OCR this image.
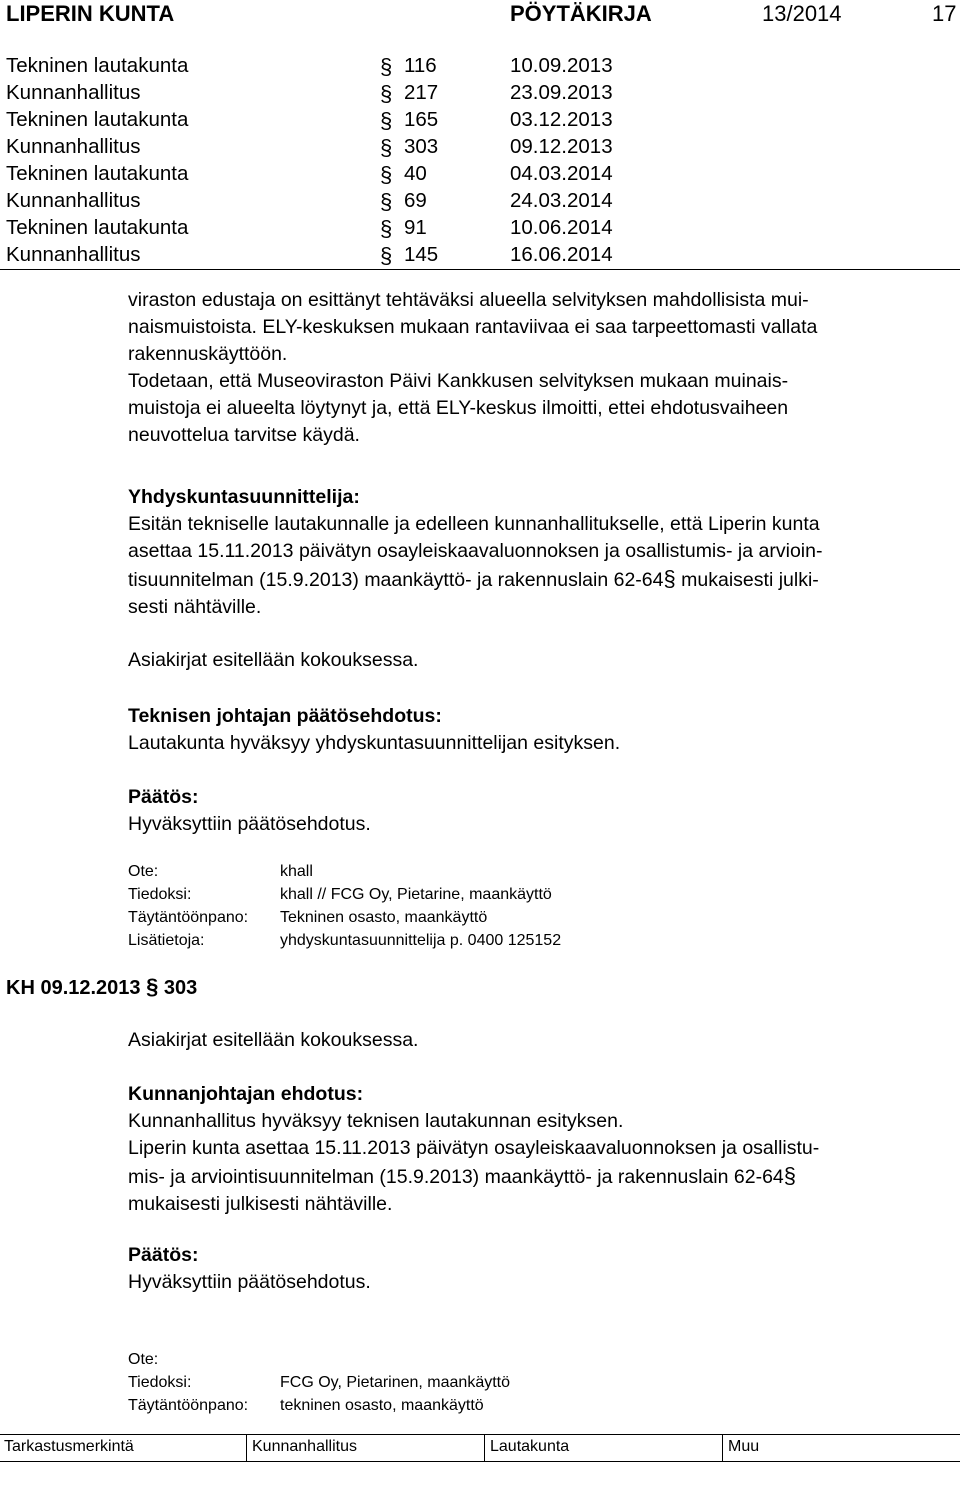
LIPERIN KUNTA	PÖYTÄKIRJA	13/2014	17
Tekninen lautakunta	§ 116	10.09.2013
Kunnanhallitus	§ 217	23.09.2013
Tekninen lautakunta	§ 165	03.12.2013
Kunnanhallitus	§ 303	09.12.2013
Tekninen lautakunta	§ 40	04.03.2014
Kunnanhallitus	§ 69	24.03.2014
Tekninen lautakunta	§ 91	10.06.2014
Kunnanhallitus	§ 145	16.06.2014

viraston edustaja on esittänyt tehtäväksi alueella selvityksen mahdollisista mui-

naismuistoista. ELY-keskuksen mukaan rantaviivaa ei saa tarpeettomasti vallata

rakennuskäyttöön.

Todetaan, että Museoviraston Päivi Kankkusen selvityksen mukaan muinais-

muistoja ei alueelta löytynyt ja, että ELY-keskus ilmoitti, ettei ehdotusvaiheen

neuvottelua tarvitse käydä.

Yhdyskuntasuunnittelija:

Esitän tekniselle lautakunnalle ja edelleen kunnanhallitukselle, että Liperin kunta

asettaa 15.11.2013 päivätyn osayleiskaavaluonnoksen ja osallistumis- ja arvioin-

tisuunnitelman (15.9.2013) maankäyttö- ja rakennuslain 62-64§ mukaisesti julki-

sesti nähtäville.

Asiakirjat esitellään kokouksessa.

Teknisen johtajan päätösehdotus:

Lautakunta hyväksyy yhdyskuntasuunnittelijan esityksen.

Päätös:

Hyväksyttiin päätösehdotus.

Ote:	khall
Tiedoksi:	khall // FCG Oy, Pietarine, maankäyttö
Täytäntöönpano: Tekninen osasto, maankäyttö
Lisätietoja:	yhdyskuntasuunnittelija p. 0400 125152
KH 09.12.2013 § 303

Asiakirjat esitellään kokouksessa.

Kunnanjohtajan ehdotus:

Kunnanhallitus hyväksyy teknisen lautakunnan esityksen.

Liperin kunta asettaa 15.11.2013 päivätyn osayleiskaavaluonnoksen ja osallistu-

mis- ja arviointisuunnitelman (15.9.2013) maankäyttö- ja rakennuslain 62-64§

mukaisesti julkisesti nähtäville.

Päätös:

Hyväksyttiin päätösehdotus.

Ote:
Tiedoksi:	FCG Oy, Pietarinen, maankäyttö
Täytäntöönpano: tekninen osasto, maankäyttö
Tarkastusmerkintä	Kunnanhallitus	Lautakunta	Muu
